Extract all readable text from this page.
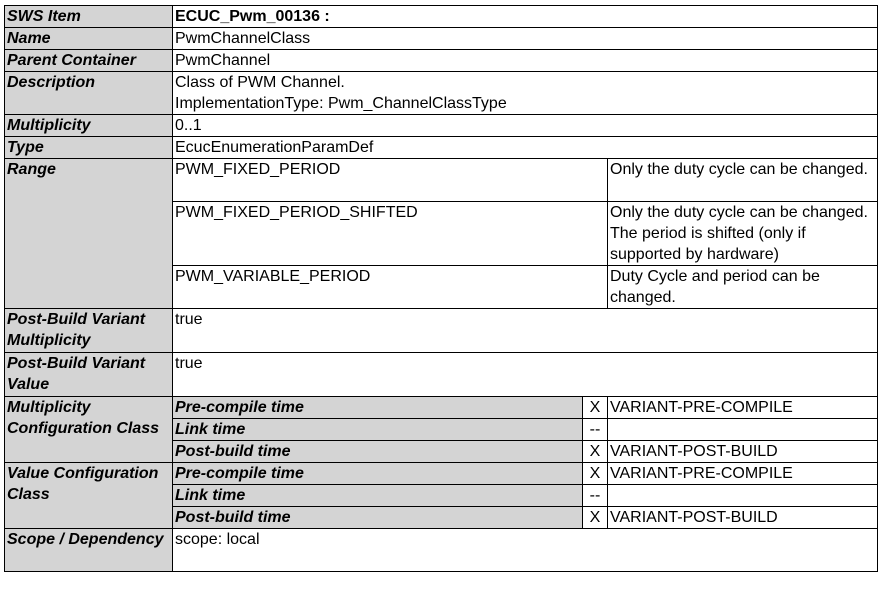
SWS Item	ECUC_Pwm_00136 :		
Name	PwmChannelClass		
Parent Container	PwmChannel		
Description	Class of PWM Channel.
ImplementationType: Pwm_ChannelClassType		

Multiplicity	0..1		
Type	EcucEnumerationParamDef		
Range	PWM_FIXED_PERIOD		Only the duty cycle can be changed.
	PWM_FIXED_PERIOD_SHIFTED		Only the duty cycle can be changed. The period is shifted (only if supported by hardware)
	PWM_VARIABLE_PERIOD		Duty Cycle and period can be changed.
Post-Build Variant Multiplicity	true		
Post-Build Variant Value	true		
Multiplicity Configuration Class	Pre-compile time	X	VARIANT-PRE-COMPILE
	Link time	--	
	Post-build time	X	VARIANT-POST-BUILD
Value Configuration Class	Pre-compile time	X	VARIANT-PRE-COMPILE
	Link time	--	
	Post-build time	X	VARIANT-POST-BUILD
Scope / Dependency	scope: local		
